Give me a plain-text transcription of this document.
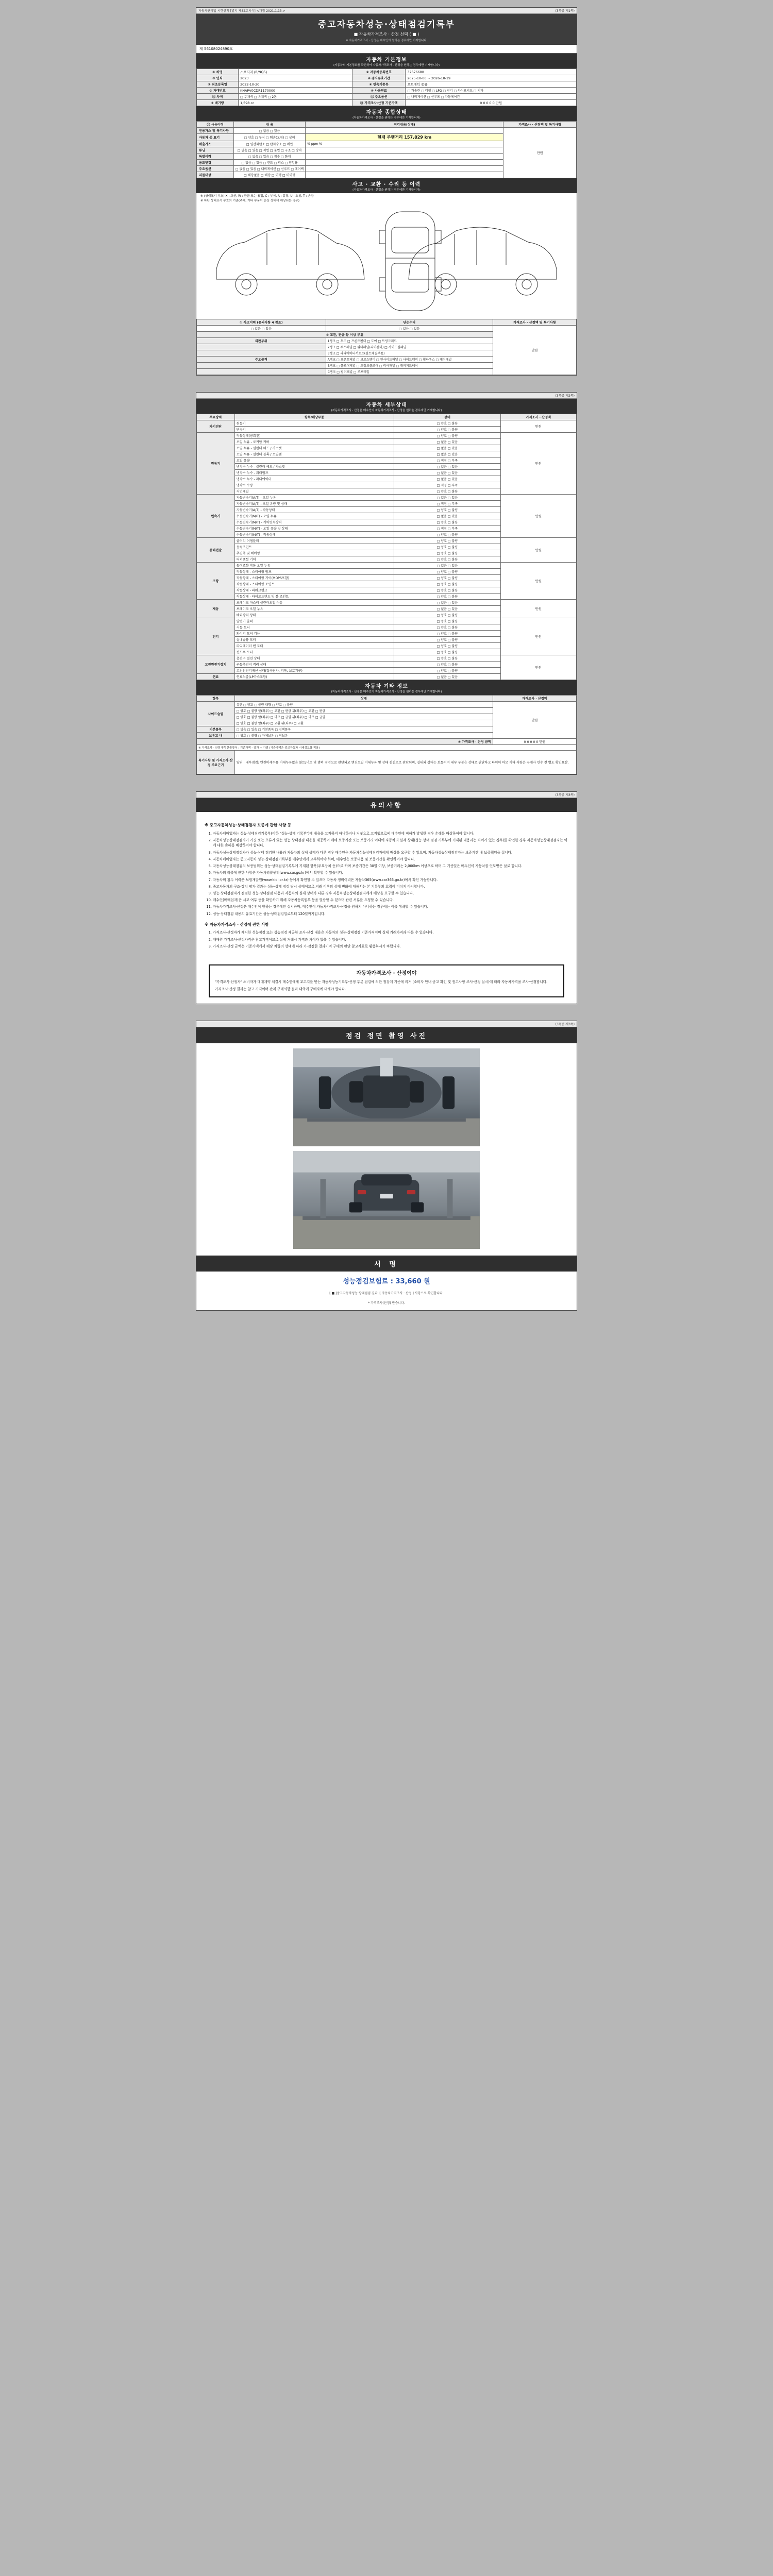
자동차관리법 시행규칙 [별지 제82호서식] <개정 2021.1.13.>	(3쪽중 제1쪽)
중고자동차성능·상태점검기록부
■ 자동차가격조사 · 산정 선택 ( ■ )
※ 자동차가격조사 · 산정은 매수인이 원하는 경우에만 기재합니다.
제 56108024890호
자동차 기본정보
(자동차의 기본정보를 확인하여 자동차가격조사 · 산정을 원하는 경우에만 기재합니다)
① 차명	스포티지 (R/NQ5)	② 자동차등록번호	32S76680
③ 연식	2023	④ 검사유효기간	2025-10-00 ~ 2026-10-19
⑤ 최초등록일	2022-10-20	⑥ 변속기종류	오토매틱 종류
⑦ 차대번호	KNAPV0CDR1170000	⑧ 사용연료	□ 가솔린 □ 디젤 □ LPG □ 전기 □ 하이브리드 □ 기타
⑪ 차색	□ 무채색 □ 유채색 □ 2톤	⑫ 주요옵션	□ 내비게이션 □ 선루프 □ 자동에어컨
⑨ 배기량	1,598 cc	⑬ 가격조사·산정 기준가액	0 0 0 0 0 만원
자동차 종합상태
(자동차가격조사 · 산정을 원하는 경우에만 기재합니다)
⑬ 사용이력	내 용	점검내용(상태)	가격조사 · 산정액 및 특기사항
전용가스 및 특기사항	□ 없음 □ 있음		만원
자동차 등 표기	□ 양호 □ 부식 □ 훼손(오염) □ 상이	현재 주행거리 157,829 km	
배출가스	□ 일산화탄소 □ 탄화수소 □ 매연	% ppm %	
튜닝	□ 없음 □ 있음 □ 적법 □ 불법 □ 구조 □ 장치		
특별이력	□ 없음 □ 있음 □ 침수 □ 화재		
용도변경	□ 없음 □ 있음 □ 렌트 □ 리스 □ 영업용		
주요옵션	□ 없음 □ 있음 □ 내비게이션 □ 선루프 □ 에어백		
리콜대상	□ 해당없음 □ 해당 □ 이행 □ 미이행		
사고 · 교환 · 수리 등 이력
(자동차가격조사 · 산정을 원하는 경우에만 기재합니다)
※ (상태표시 부호) X : 교환, W : 판금 또는 용접, C : 부식, A : 흠집, U : 요철, T : 손상
※ 하단 상태표시 부호의 기준(주체, 기타 부품이 손상 상태에 해당되는 경우)
① 사고이력 (유의사항 4 참조)	단순수리	가격조사 · 산정액 및 특기사항
□ 없음 □ 있음	□ 없음 □ 있음	만원
② 교환, 판금 등 이상 부위		
외판부위	1랭크 □ 후드 □ 프론트펜더 □ 도어 □ 트렁크리드	
	2랭크 □ 루프패널 □ 쿼터패널(리어펜더) □ 사이드실패널	
	3랭크 □ 라디에이터서포트(볼트체결부품)	
주요골격	A랭크 □ 프론트패널 □ 크로스멤버 □ 인사이드패널 □ 사이드멤버 □ 휠하우스 □ 대쉬패널	
	B랭크 □ 플로어패널 □ 트렁크플로어 □ 리어패널 □ 패키지트레이	
	C랭크 □ 필러패널 □ 루프레일	

(3쪽중 제2쪽)
자동차 세부상태
(자동차가격조사 · 산정은 매수인이 자동차가격조사 · 산정을 원하는 경우에만 기재합니다)
주요장치	항목/해당부품	상태	가격조사 · 산정액
자기진단	원동기	□ 양호 □ 불량	만원
	변속기	□ 양호 □ 불량	
원동기	작동상태(공회전)	□ 양호 □ 불량	만원
	오일 누유 - 로커암 커버	□ 없음 □ 있음	
	오일 누유 - 실린더 헤드 / 가스켓	□ 없음 □ 있음	
	오일 누유 - 실린더 블록 / 오일팬	□ 없음 □ 있음	
	오일 유량	□ 적정 □ 부족	
	냉각수 누수 - 실린더 헤드 / 가스켓	□ 없음 □ 있음	
	냉각수 누수 - 워터펌프	□ 없음 □ 있음	
	냉각수 누수 - 라디에이터	□ 없음 □ 있음	
	냉각수 수량	□ 적정 □ 부족	
	커먼레일	□ 양호 □ 불량	
변속기	자동변속기(A/T) - 오일 누유	□ 없음 □ 있음	만원
	자동변속기(A/T) - 오일 유량 및 상태	□ 적정 □ 부족	
	자동변속기(A/T) - 작동상태	□ 양호 □ 불량	
	수동변속기(M/T) - 오일 누유	□ 없음 □ 있음	
	수동변속기(M/T) - 기어변속장치	□ 양호 □ 불량	
	수동변속기(M/T) - 오일 유량 및 상태	□ 적정 □ 부족	
	수동변속기(M/T) - 작동상태	□ 양호 □ 불량	
동력전달	클러치 어셈블리	□ 양호 □ 불량	만원
	등속조인트	□ 양호 □ 불량	
	추진축 및 베어링	□ 양호 □ 불량	
	디퍼렌셜 기어	□ 양호 □ 불량	
조향	동력조향 작동 오일 누유	□ 없음 □ 있음	만원
	작동상태 - 스티어링 펌프	□ 양호 □ 불량	
	작동상태 - 스티어링 기어(MDPS포함)	□ 양호 □ 불량	
	작동상태 - 스티어링 조인트	□ 양호 □ 불량	
	작동상태 - 파워크랭크	□ 양호 □ 불량	
	작동상태 - 타이로드엔드 및 볼 조인트	□ 양호 □ 불량	
제동	브레이크 마스터 실린더오일 누유	□ 없음 □ 있음	만원
	브레이크 오일 누유	□ 없음 □ 있음	
	배력장치 상태	□ 양호 □ 불량	
전기	발전기 출력	□ 양호 □ 불량	만원
	시동 모터	□ 양호 □ 불량	
	와이퍼 모터 기능	□ 양호 □ 불량	
	실내송풍 모터	□ 양호 □ 불량	
	라디에이터 팬 모터	□ 양호 □ 불량	
	윈도우 모터	□ 양호 □ 불량	
고전원전기장치	충전구 절연 상태	□ 양호 □ 불량	만원
	구동축전지 격리 상태	□ 양호 □ 불량	
	고전원전기배선 상태(접속단자, 피복, 보호기구)	□ 양호 □ 불량	
연료	연료누출(LP가스포함)	□ 없음 □ 있음	
자동차 기타 정보
(자동차가격조사 · 산정은 매수인이 자동차가격조사 · 산정을 원하는 경우에만 기재합니다)
항목	상태	가격조사 · 산정액
사이드슬립	유간 □ 양호 □ 불량 내향 □ 양호 □ 불량	만원
	□ 양호 □ 불량 앞(좌우) □ 교환 □ 판금 뒤(좌우) □ 교환 □ 판금	
	□ 양호 □ 불량 앞(좌우) □ 마모 □ 균열 뒤(좌우) □ 마모 □ 균열	
	□ 양호 □ 불량 앞(좌우) □ 교환 뒤(좌우) □ 교환	
기본품목	□ 없음 □ 있음 □ 기본품목 □ 선택품목	
보유고 내	□ 양호 □ 불량 □ 자체보유 □ 미보유	
④ 가격조사 · 산정 금액		0 0 0 0 0 만원
※ 가격조사 · 산정가격 산출방식 : 기준가액 - 감가 + 가점 (기준가액은 중고자동차 시세정보를 적용)		
특기사항 및 가격조사·산정 주요근거	앞뒤 · 내부점검: 엔진미세누유 미세누유없음 볼트/너트 및 범퍼 점검으로 판단되고 엔진오일 미세누유 및 상태 점검으로 판단되며, 실내외 상태는 보통이며 내부 부분은 상태로 판단하고 타이어 마모 기타 사항은 구매자 인수 전 별도 확인요함.	

(3쪽중 제3쪽)
유의사항
※ 중고자동차성능·상태점검자 보증에 관한 사항 등
1. 자동차매매업자는 성능·상태점검기록부(이하 "성능·상태 기록부")에 내용을 고지하지 아니하거나 거짓으로 고지했으로써 매수인에 피해가 발생한 경우 손해를 배상하여야 합니다.
2. 자동차성능상태점검자가 거짓 또는 오류가 있는 성능·상태점검 내용을 제공하여 매매 보증기간 또는 보증거리 이내에 자동차의 실제 상태(성능·상태 점검 기록부에 기재된 내용과는 차이가 있는 경우)를 확인한 경우 자동차성능상태점검자는 이에 대한 손해를 배상하여야 합니다.
3. 자동차성능상태점검자가 성능·상태 점검한 내용과 자동차의 실제 상태가 다른 경우 매수인은 자동차성능상태점검자에게 배상을 요구할 수 있으며, 자동차성능상태점검자는 보증기간 내 보증책임을 집니다.
4. 자동차매매업자는 중고자동차 성능·상태점검기록부를 매수인에게 교부하여야 하며, 매수인은 보증내용 및 보증기간을 확인하여야 합니다.
5. 자동차성능상태점검의 보증범위는 성능·상태점검기록부에 기재된 항목(주요장치 등)으로 하며 보증기간은 30일 이상, 보증거리는 2,000km 이상으로 하며 그 기산일은 매수인이 자동차를 인도받은 날로 합니다.
6. 자동차의 리콜에 관한 사항은 자동차리콜센터(www.car.go.kr)에서 확인할 수 있습니다.
7. 자동차의 침수 이력은 보험개발원(www.kidi.or.kr) 등에서 확인할 수 있으며 자동차 정비이력은 자동차365(www.car365.go.kr)에서 확인 가능합니다.
8. 중고자동차의 구조·장치 평가 결과는 성능·상태 점검 당시 상태이므로 거래 이후의 상태 변화에 대해서는 본 기록부의 효력이 미치지 아니합니다.
9. 성능·상태점검자가 점검한 성능·상태점검 내용과 자동차의 실제 상태가 다른 경우 자동차성능상태점검자에게 배상을 요구할 수 있습니다.
10. 매수인(매매업자)은 시고 여부 등을 확인하기 위해 자동차등록원부 등을 열람할 수 있으며 관련 서류를 요청할 수 있습니다.
11. 자동차가격조사·산정은 매수인이 원하는 경우에만 실시하며, 매수인이 자동차가격조사·산정을 원하지 아니하는 경우에는 이를 생략할 수 있습니다.
12. 성능·상태점검 내용의 유효기간은 성능·상태점검일로부터 120일까지입니다.
※ 자동차가격조사 · 산정에 관한 사항
1. 가격조사·산정자가 제시한 성능점검 또는 성능점검 제공한 조사·산정 내용은 자동차의 성능·상태점검 기준가격이며 실제 거래가격과 다를 수 있습니다.
2. 매매원 가격조사·산정가격은 참고가격이므로 실제 거래시 가격과 차이가 있을 수 있습니다.
3. 가격조사·산정 금액은 기준가액에서 해당 차량의 상태에 따라 가·감점한 결과이며 구매의 판단 참고자료로 활용하시기 바랍니다.
자동차가격조사 · 산정이야
"가격조사·산정자" 소비자가 매매계약 체결시 매수인에게 교고지를 받는 자동차성능기록부·산정 부분 점검에 의한 점검에 기준에 의거 (소비자 안내 공고 확인 및 권고사항 조사·산정 실시)에 따라 자동차가격을 조사·산정합니다.
가격조사·산정 결과는 참고 가격이며 관계 구매의향 결과 내역에 구매자에 대해야 합니다.

(3쪽중 제3쪽)
점검 정면 촬영 사진

서 명
성능점검보험료 : 33,660 원
[ ■ ]중고자동차성능·상태점검 결과, [ 자동차가격조사 · 산정 ] 사항으로 확인합니다.
* 가격조사(산정) 받습니다.
